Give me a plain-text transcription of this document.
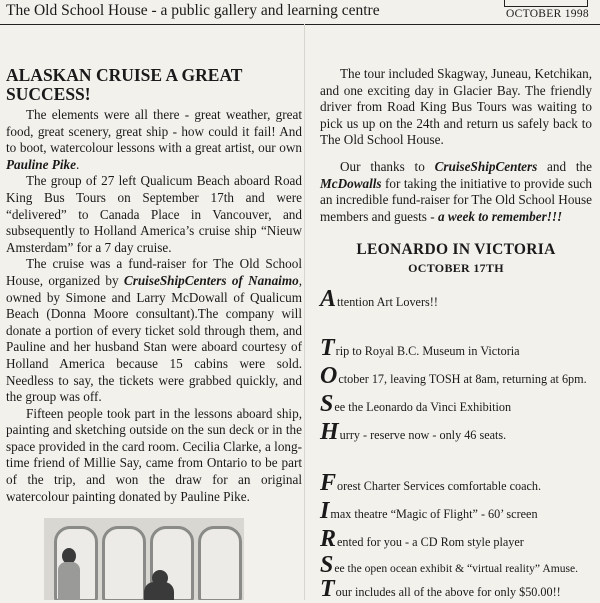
The Old School House - a public gallery and learning centre	OCTOBER 1998
ALASKAN CRUISE A GREAT
SUCCESS!

The elements were all there - great weather, great food, great scenery, great ship - how could it fail! And to boot, watercolour lessons with a great artist, our own Pauline Pike.

The group of 27 left Qualicum Beach aboard Road King Bus Tours on September 17th and were “delivered” to Canada Place in Vancouver, and subsequently to Holland America’s cruise ship “Nieuw Amsterdam” for a 7 day cruise.

The cruise was a fund-raiser for The Old School House, organized by CruiseShipCenters of Nanaimo, owned by Simone and Larry McDowall of Qualicum Beach (Donna Moore consultant).The company will donate a portion of every ticket sold through them, and Pauline and her husband Stan were aboard courtesy of Holland America because 15 cabins were sold. Needless to say, the tickets were grabbed quickly, and the group was off.

Fifteen people took part in the lessons aboard ship, painting and sketching outside on the sun deck or in the space provided in the card room. Cecilia Clarke, a long-time friend of Millie Say, came from Ontario to be part of the trip, and won the draw for an original watercolour painting donated by Pauline Pike.

The tour included Skagway, Juneau, Ketchikan, and one exciting day in Glacier Bay. The friendly driver from Road King Bus Tours was waiting to pick us up on the 24th and return us safely back to The Old School House.

Our thanks to CruiseShipCenters and the McDowalls for taking the initiative to provide such an incredible fund-raiser for The Old School House members and guests - a week to remember!!!

LEONARDO IN VICTORIA
OCTOBER 17TH
Attention Art Lovers!!
Trip to Royal B.C. Museum in Victoria
October 17, leaving TOSH at 8am, returning at 6pm.
See the Leonardo da Vinci Exhibition
Hurry - reserve now - only 46 seats.
Forest Charter Services comfortable coach.
Imax theatre “Magic of Flight” - 60’ screen
Rented for you - a CD Rom style player
See the open ocean exhibit & “virtual reality” Amuse.
Tour includes all of the above for only $50.00!!
